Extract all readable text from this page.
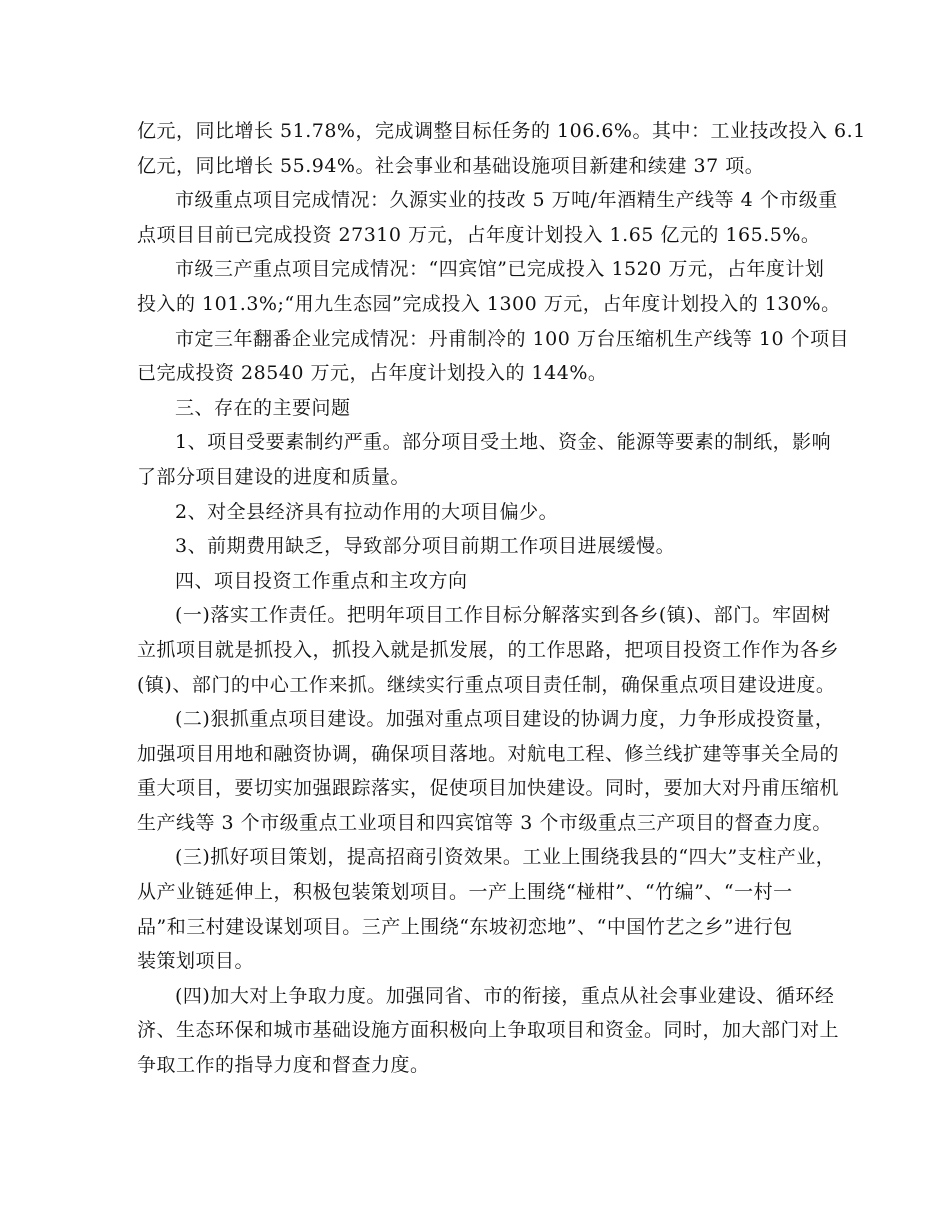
亿元，同比增长 51.78%，完成调整目标任务的 106.6%。其中：工业技改投入 6.1
亿元，同比增长 55.94%。社会事业和基础设施项目新建和续建 37 项。
市级重点项目完成情况：久源实业的技改 5 万吨/年酒精生产线等 4 个市级重
点项目目前已完成投资 27310 万元，占年度计划投入 1.65 亿元的 165.5%。
市级三产重点项目完成情况：“四宾馆”已完成投入 1520 万元，占年度计划
投入的 101.3%;“用九生态园”完成投入 1300 万元，占年度计划投入的 130%。
市定三年翻番企业完成情况：丹甫制冷的 100 万台压缩机生产线等 10 个项目
已完成投资 28540 万元，占年度计划投入的 144%。
三、存在的主要问题
1、项目受要素制约严重。部分项目受土地、资金、能源等要素的制纸，影响
了部分项目建设的进度和质量。
2、对全县经济具有拉动作用的大项目偏少。
3、前期费用缺乏，导致部分项目前期工作项目进展缓慢。
四、项目投资工作重点和主攻方向
(一)落实工作责任。把明年项目工作目标分解落实到各乡(镇)、部门。牢固树
立抓项目就是抓投入，抓投入就是抓发展，的工作思路，把项目投资工作作为各乡
(镇)、部门的中心工作来抓。继续实行重点项目责任制，确保重点项目建设进度。
(二)狠抓重点项目建设。加强对重点项目建设的协调力度，力争形成投资量，
加强项目用地和融资协调，确保项目落地。对航电工程、修兰线扩建等事关全局的
重大项目，要切实加强跟踪落实，促使项目加快建设。同时，要加大对丹甫压缩机
生产线等 3 个市级重点工业项目和四宾馆等 3 个市级重点三产项目的督查力度。
(三)抓好项目策划，提高招商引资效果。工业上围绕我县的“四大”支柱产业，
从产业链延伸上，积极包装策划项目。一产上围绕“椪柑”、“竹编”、“一村一
品”和三村建设谋划项目。三产上围绕“东坡初恋地”、“中国竹艺之乡”进行包
装策划项目。
(四)加大对上争取力度。加强同省、市的衔接，重点从社会事业建设、循环经
济、生态环保和城市基础设施方面积极向上争取项目和资金。同时，加大部门对上
争取工作的指导力度和督查力度。
